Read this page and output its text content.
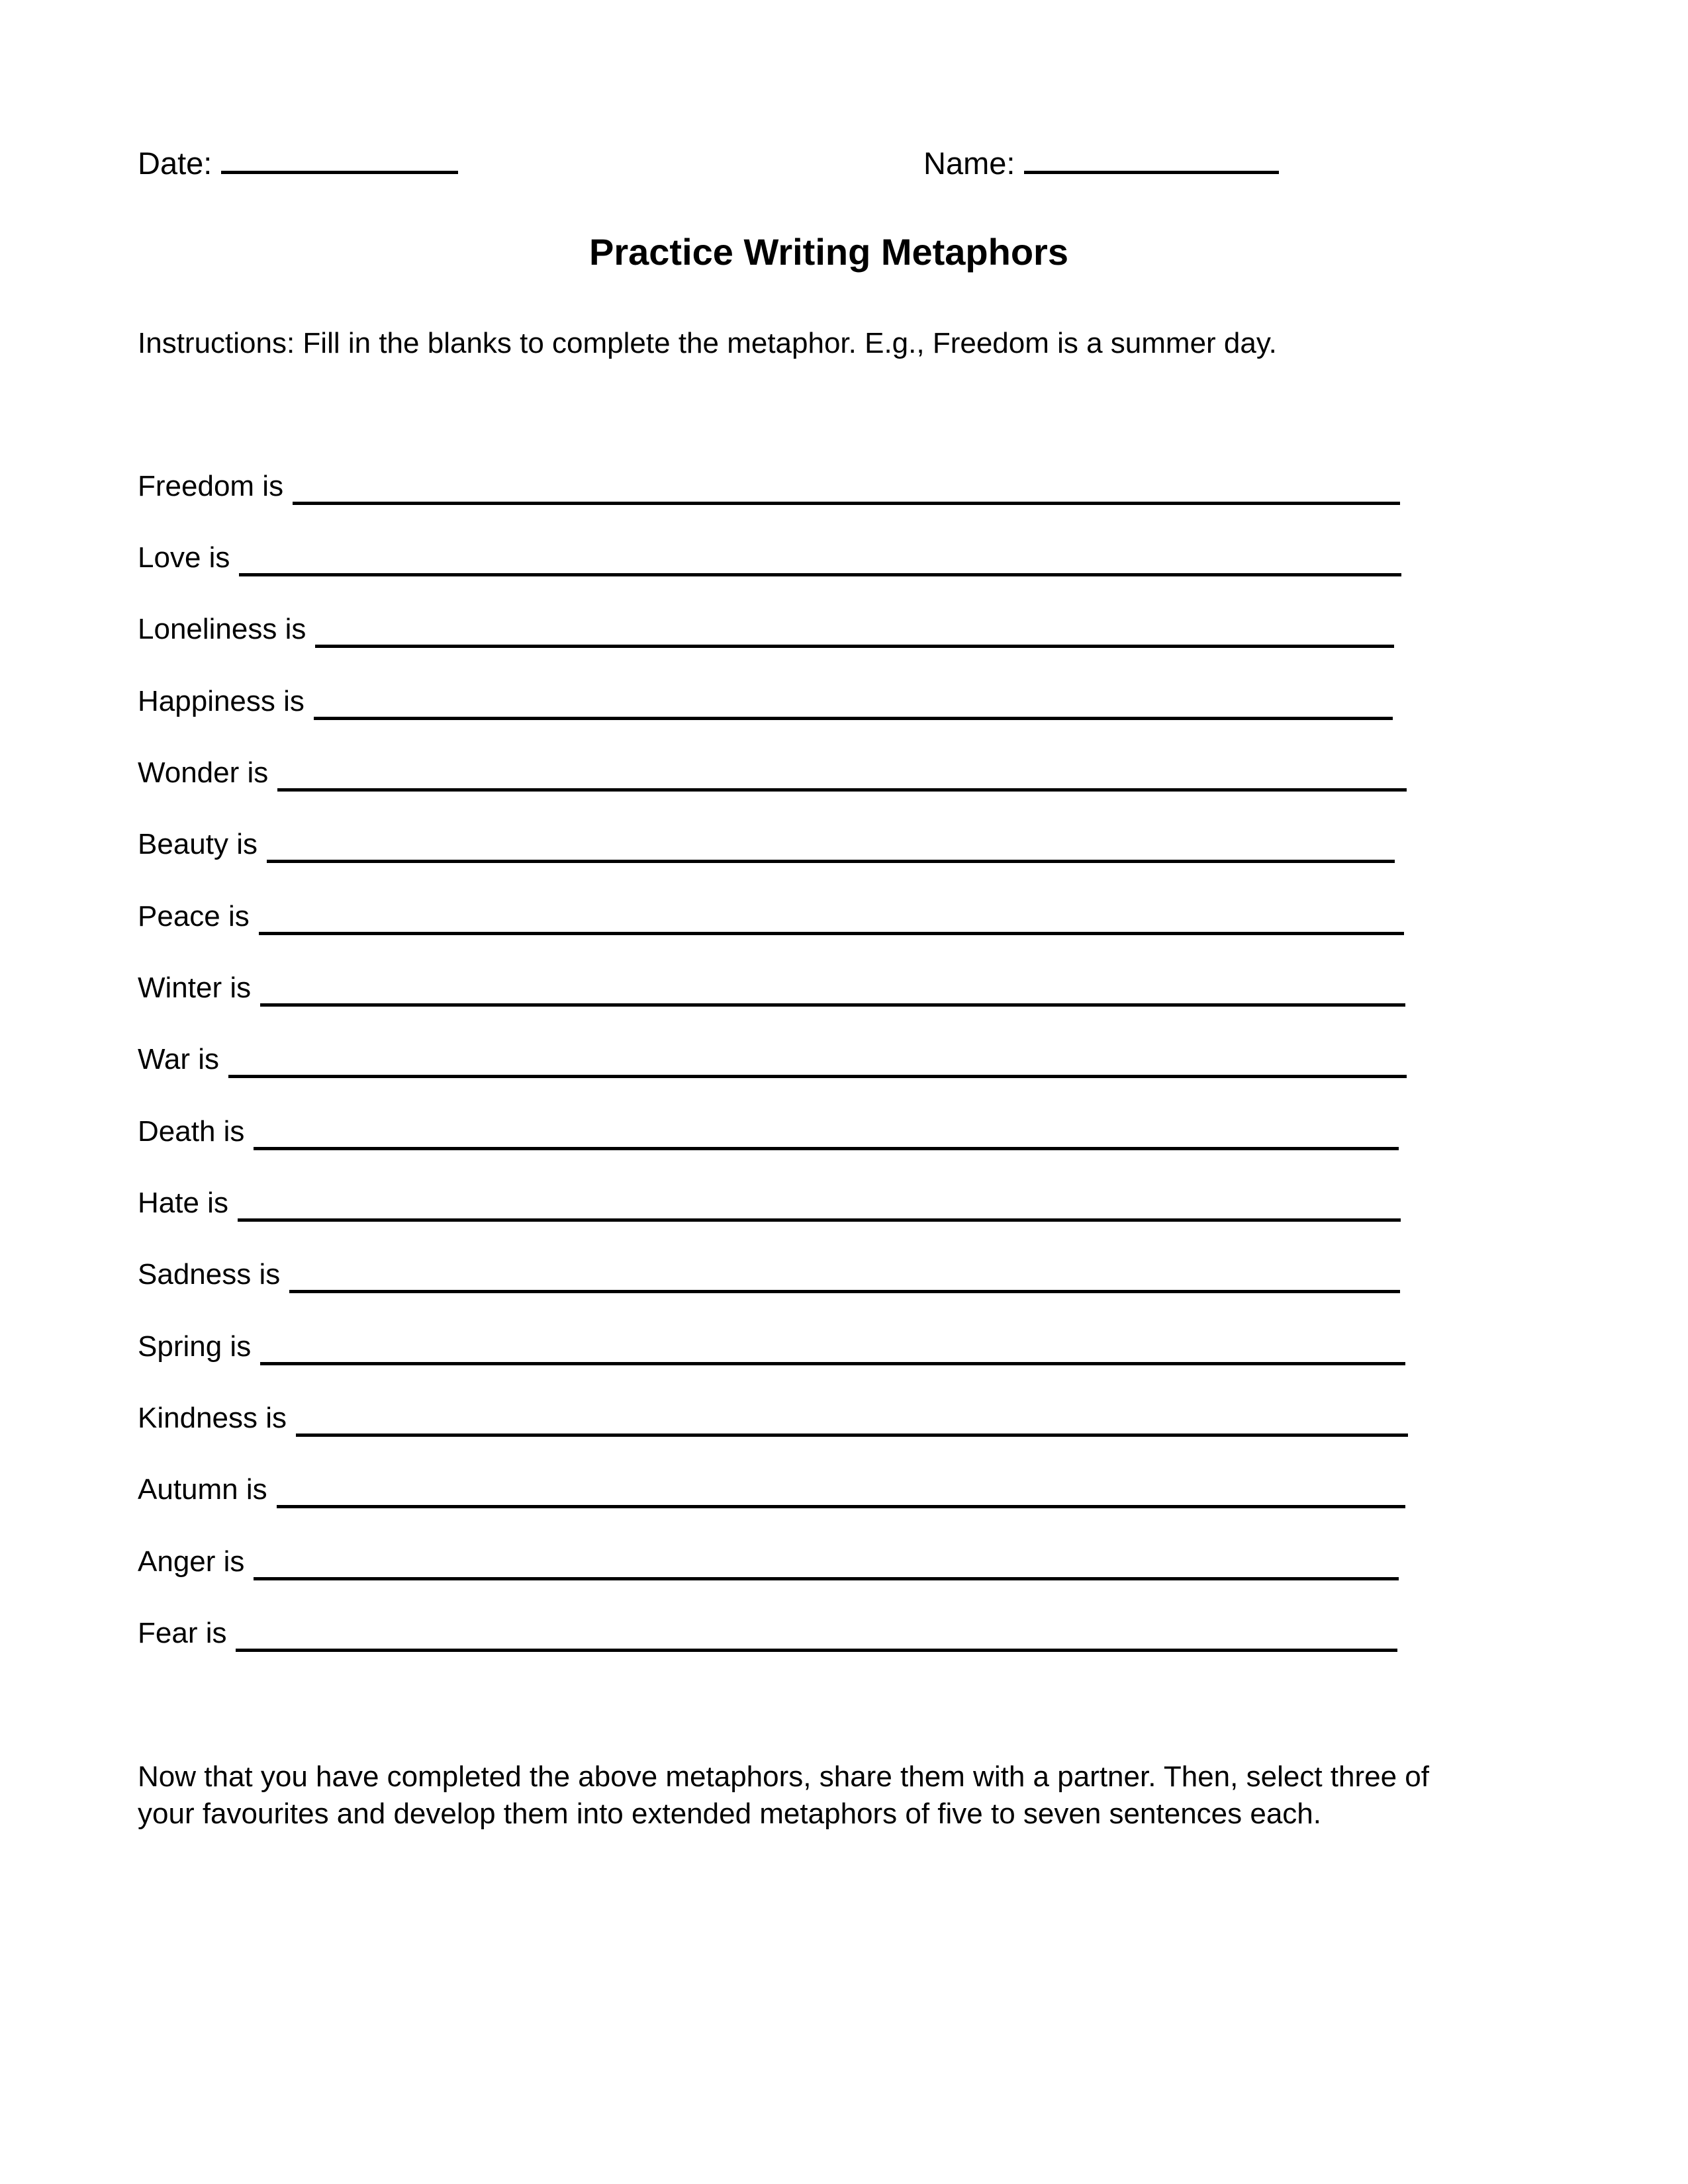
Date:	Name:
Practice Writing Metaphors
Instructions: Fill in the blanks to complete the metaphor. E.g., Freedom is a summer day.
Freedom is
Love is
Loneliness is
Happiness is
Wonder is
Beauty is
Peace is
Winter is
War is
Death is
Hate is
Sadness is
Spring is
Kindness is
Autumn is
Anger is
Fear is
Now that you have completed the above metaphors, share them with a partner. Then, select three of
your favourites and develop them into extended metaphors of five to seven sentences each.
